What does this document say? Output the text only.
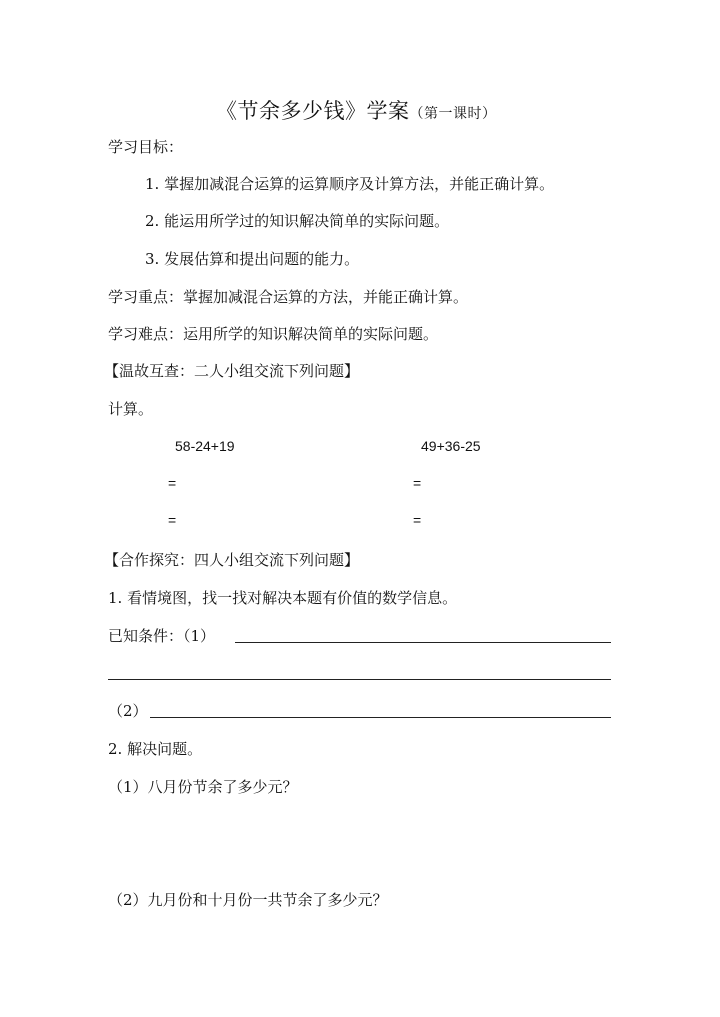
《节余多少钱》学案（第一课时）
学习目标：
1. 掌握加减混合运算的运算顺序及计算方法，并能正确计算。
2. 能运用所学过的知识解决简单的实际问题。
3. 发展估算和提出问题的能力。
学习重点：掌握加减混合运算的方法，并能正确计算。
学习难点：运用所学的知识解决简单的实际问题。
【温故互查：二人小组交流下列问题】
计算。
58-24+19	49+36-25
=	=
=	=
【合作探究：四人小组交流下列问题】
1. 看情境图，找一找对解决本题有价值的数学信息。
已知条件：（1）
（2）
2. 解决问题。
（1）八月份节余了多少元？
（2）九月份和十月份一共节余了多少元？
